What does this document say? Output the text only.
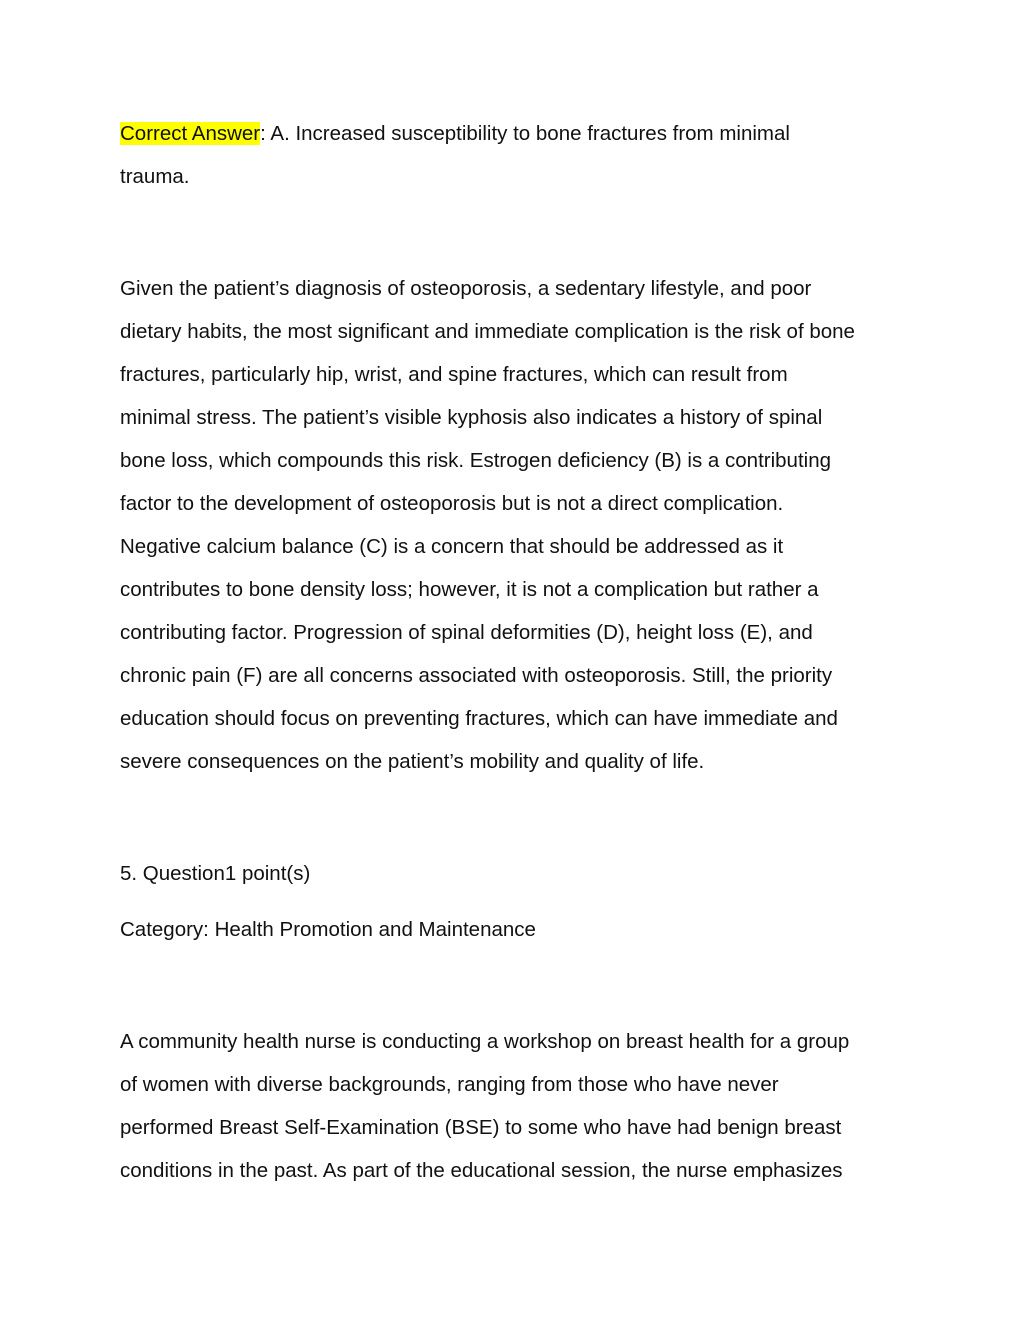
Correct Answer: A. Increased susceptibility to bone fractures from minimal
trauma.

Given the patient’s diagnosis of osteoporosis, a sedentary lifestyle, and poor
dietary habits, the most significant and immediate complication is the risk of bone
fractures, particularly hip, wrist, and spine fractures, which can result from
minimal stress. The patient’s visible kyphosis also indicates a history of spinal
bone loss, which compounds this risk. Estrogen deficiency (B) is a contributing
factor to the development of osteoporosis but is not a direct complication.
Negative calcium balance (C) is a concern that should be addressed as it
contributes to bone density loss; however, it is not a complication but rather a
contributing factor. Progression of spinal deformities (D), height loss (E), and
chronic pain (F) are all concerns associated with osteoporosis. Still, the priority
education should focus on preventing fractures, which can have immediate and
severe consequences on the patient’s mobility and quality of life.

5. Question1 point(s)

Category: Health Promotion and Maintenance

A community health nurse is conducting a workshop on breast health for a group
of women with diverse backgrounds, ranging from those who have never
performed Breast Self-Examination (BSE) to some who have had benign breast
conditions in the past. As part of the educational session, the nurse emphasizes
